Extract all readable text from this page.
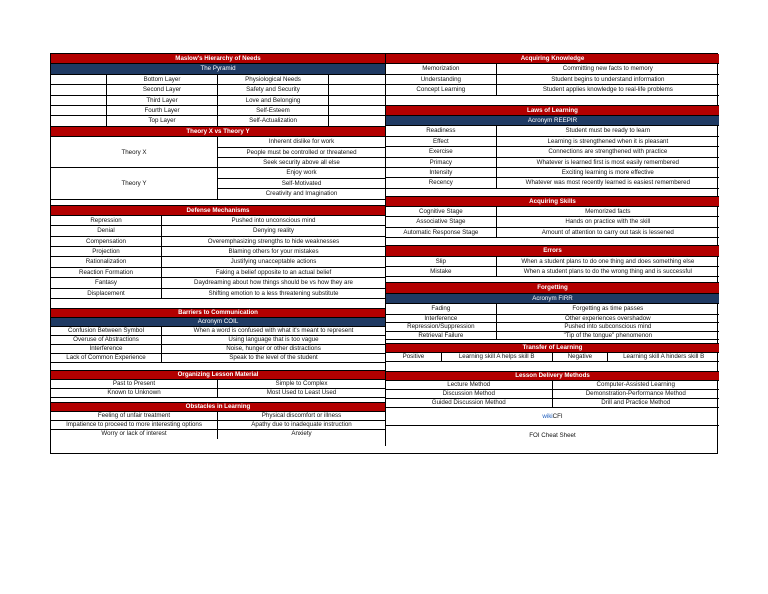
Maslow's Hierarchy of Needs
The Pyramid
Bottom Layer	Physiological Needs
Second Layer	Safety and Security
Third Layer	Love and Belonging
Fourth Layer	Self-Esteem
Top Layer	Self-Actualization
Theory X vs Theory Y
Theory X
Inherent dislike for work
People must be controlled or threatened
Seek security above all else
Theory Y
Enjoy work
Self-Motivated
Creativity and Imagination
Defense Mechanisms
Repression	Pushed into unconscious mind
Denial	Denying reality
Compensation	Overemphasizing strengths to hide weaknesses
Projection	Blaming others for your mistakes
Rationalization	Justifying unacceptable actions
Reaction Formation	Faking a belief opposite to an actual belief
Fantasy	Daydreaming about how things should be vs how they are
Displacement	Shifting emotion to a less threatening substitute
Barriers to Communication
Acronym COIL
Confusion Between Symbol	When a word is confused with what it's meant to represent
Overuse of Abstractions	Using language that is too vague
Interference	Noise, hunger or other distractions
Lack of Common Experience	Speak to the level of the student
Organizing Lesson Material
Past to Present	Simple to Complex
Known to Unknown	Most Used to Least Used
Obstacles in Learning
Feeling of unfair treatment	Physical discomfort or illness
Impatience to proceed to more interesting options	Apathy due to inadequate instruction
Worry or lack of interest	Anxiety
Acquiring Knowledge
Memorization	Committing new facts to memory
Understanding	Student begins to understand information
Concept Learning	Student applies knowledge to real-life problems
Laws of Learning
Acronym REEPIR
Readiness	Student must be ready to learn
Effect	Learning is strengthened when it is pleasant
Exercise	Connections are strengthened with practice
Primacy	Whatever is learned first is most easily remembered
Intensity	Exciting learning is more effective
Recency	Whatever was most recently learned is easiest remembered
Acquiring Skills
Cognitive Stage	Memorized facts
Associative Stage	Hands on practice with the skill
Automatic Response Stage	Amount of attention to carry out task is lessened
Errors
Slip	When a student plans to do one thing and does something else
Mistake	When a student plans to do the wrong thing and is successful
Forgetting
Acronym FIRR
Fading	Forgetting as time passes
Interference	Other experiences overshadow
Repression/Suppression	Pushed into subconscious mind
Retrieval Failure	"Tip of the tongue" phenomenon
Transfer of Learning
Positive	Learning skill A helps skill B	Negative	Learning skill A hinders skill B
Lesson Delivery Methods
Lecture Method	Computer-Assisted Learning
Discussion Method	Demonstration-Performance Method
Guided Discussion Method	Drill and Practice Method
wikiCFI
FOI Cheat Sheet
